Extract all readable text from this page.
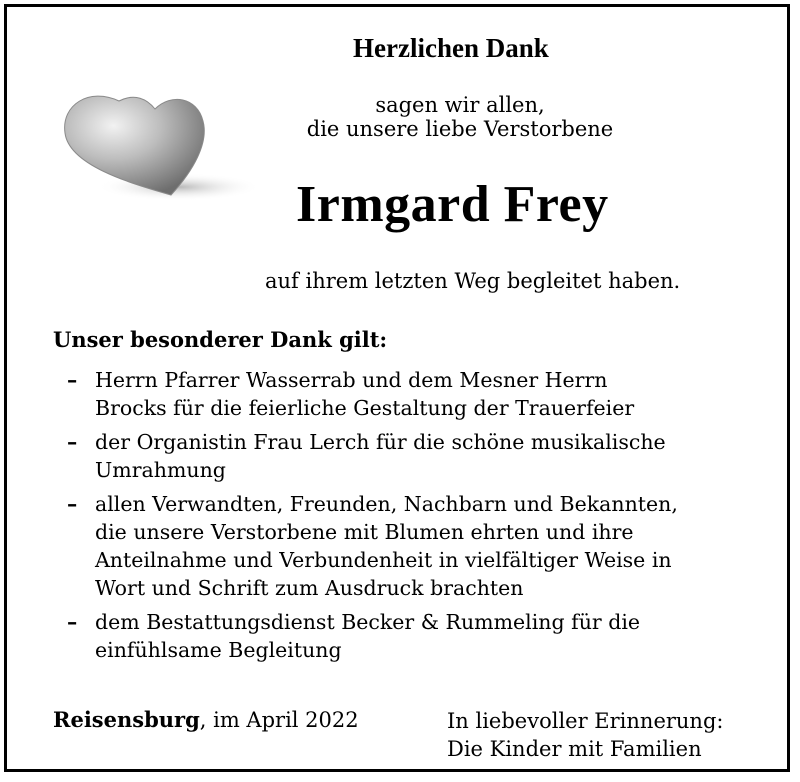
Herzlichen Dank
sagen wir allen,
die unsere liebe Verstorbene
Irmgard Frey
auf ihrem letzten Weg begleitet haben.
Unser besonderer Dank gilt:
– Herrn Pfarrer Wasserrab und dem Mesner Herrn
Brocks für die feierliche Gestaltung der Trauerfeier
– der Organistin Frau Lerch für die schöne musikalische
Umrahmung
– allen Verwandten, Freunden, Nachbarn und Bekannten,
die unsere Verstorbene mit Blumen ehrten und ihre
Anteilnahme und Verbundenheit in vielfältiger Weise in
Wort und Schrift zum Ausdruck brachten
– dem Bestattungsdienst Becker & Rummeling für die
einfühlsame Begleitung
Reisensburg, im April 2022	In liebevoller Erinnerung:
Die Kinder mit Familien
